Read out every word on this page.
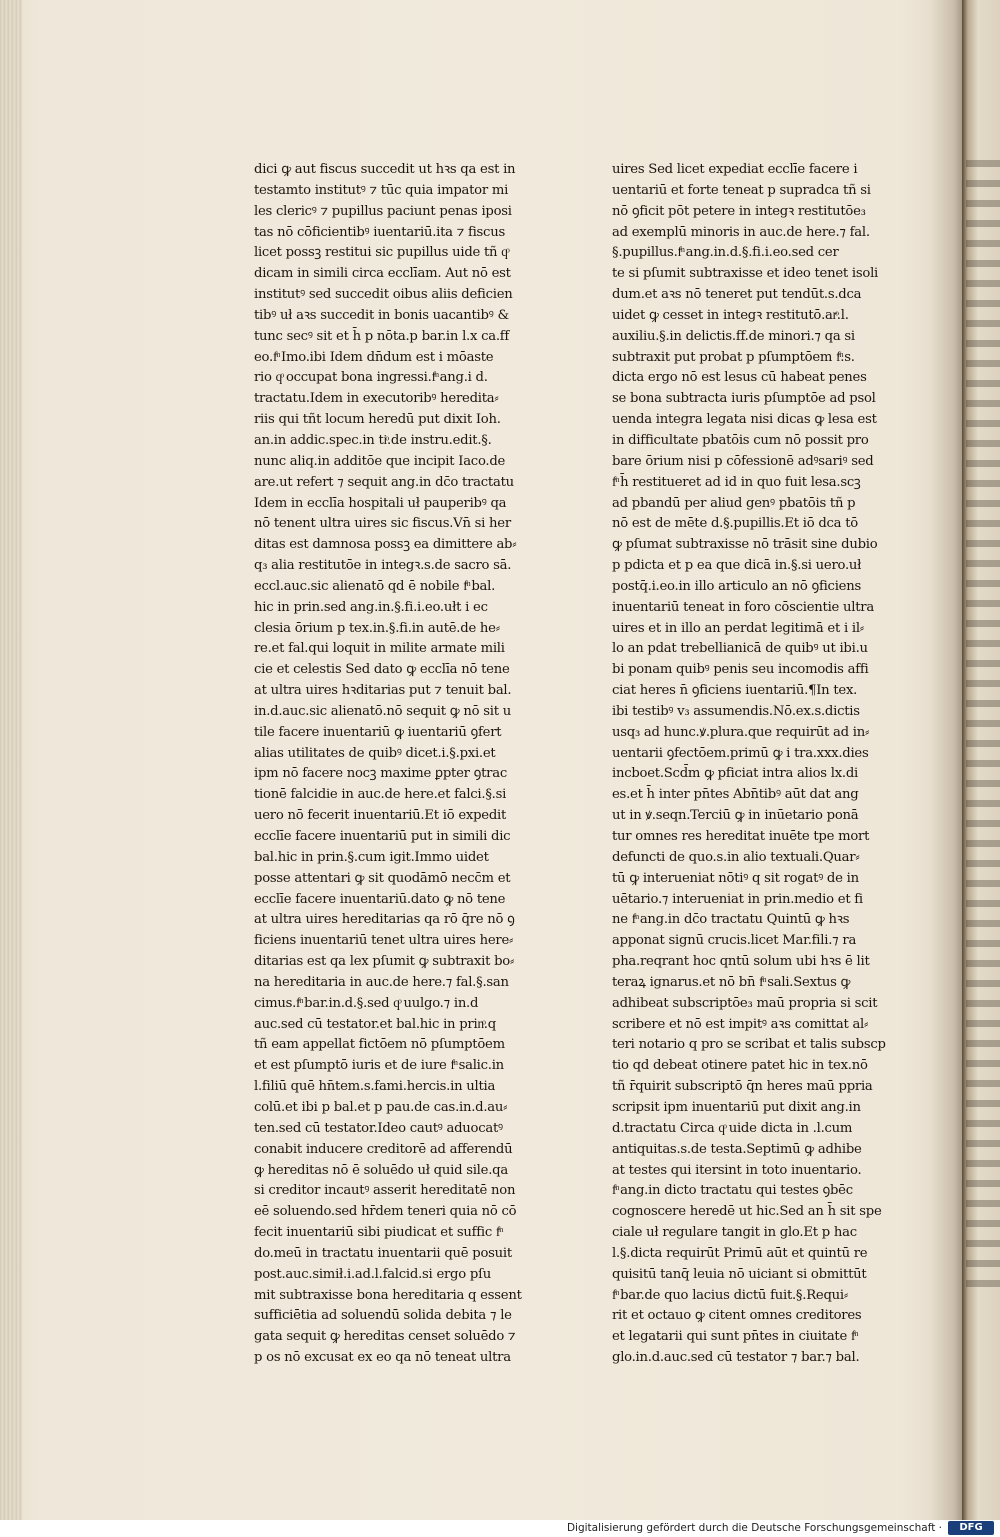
dici ꝙ aut fiscus succedit ut hꝛs qa est in
testamto institutꝰ ⁊ tūc quia impator mi
les clericꝰ ⁊ pupillus paciunt penas iposi
tas nō cōficientibꝰ iuentariū.ita ⁊ fiscus
licet possꝫ restitui sic pupillus uide tñ qͦ
dicam in simili circa ecclīam. Aut nō est
institutꝰ sed succedit oibus aliis deficien
tibꝰ uł aꝛs succedit in bonis uacantibꝰ &
tunc secꝰ sit et h̄ p nōta.p bar.in l.x ca.ff
eo.fͫ Imo.ibi Idem dn̄dum est i mōaste
rio qͦ occupat bona ingressi.fͫ ang.i d.
tractatu.Idem in executoribꝰ heredita⸗
riis qui tñt locum heredū put dixit Ioh.
an.in addic.spec.in tiͦ.de instru.edit.§.
nunc aliq.in additōe que incipit Iaco.de
are.ut refert ⁊ sequit ang.in dc̄o tractatu
Idem in ecclīa hospitali uł pauperibꝰ qa
nō tenent ultra uires sic fiscus.Vn̄ si her
ditas est damnosa possꝫ ea dimittere ab⸗
q₃ alia restitutōe in integꝛ.s.de sacro sā.
eccl.auc.sic alienatō qd ē nobile fͫ bal.
hic in prin.sed ang.in.§.fi.i.eo.ułt i ec
clesia ōrium p tex.in.§.fi.in autē.de he⸗
re.et fal.qui loquit in milite armate mili
cie et celestis Sed dato ꝙ ecclīa nō tene
at ultra uires hꝛditarias put ⁊ tenuit bal.
in.d.auc.sic alienatō.nō sequit ꝙ nō sit u
tile facere inuentariū ꝙ iuentariū ꝯfert
alias utilitates de quibꝰ dicet.i.§.pxi.et
ipm nō facere nocꝫ maxime ꝑpter ꝯtrac
tionē falcidie in auc.de here.et falci.§.si
uero nō fecerit inuentariū.Et iō expedit
ecclīe facere inuentariū put in simili dic
bal.hic in prin.§.cum igit.Immo uidet
posse attentari ꝙ sit quodāmō necc̄m et
ecclīe facere inuentariū.dato ꝙ nō tene
at ultra uires hereditarias qa rō q̄re nō ꝯ
ficiens inuentariū tenet ultra uires here⸗
ditarias est qa lex pſumit ꝙ subtraxit bo⸗
na hereditaria in auc.de here.⁊ fal.§.san
cimus.fͫ bar.in.d.§.sed qͦ uulgo.⁊ in.d
auc.sed cū testator.et bal.hic in prinͦ.q
tñ eam appellat fictōem nō pſumptōem
et est pſumptō iuris et de iure fͫ salic.in
l.filiū quē hn̄tem.s.fami.hercis.in ultia
colū.et ibi p bal.et p pau.de cas.in.d.au⸗
ten.sed cū testator.Ideo cautꝰ aduocatꝰ
conabit inducere creditorē ad afferendū
ꝙ hereditas nō ē soluēdo uł quid sile.qa
si creditor incautꝰ asserit hereditatē non
eē soluendo.sed hr̄dem teneri quia nō cō
fecit inuentariū sibi piudicat et suffic fͫ
do.meū in tractatu inuentarii quē posuit
post.auc.simił.i.ad.l.falcid.si ergo pſu
mit subtraxisse bona hereditaria q essent
sufficiētia ad soluendū solida debita ⁊ le
gata sequit ꝙ hereditas censet soluēdo ⁊
p os nō excusat ex eo qa nō teneat ultra
uires Sed licet expediat ecclīe facere i
uentariū et forte teneat p supradca tñ si
nō ꝯficit pōt petere in integꝛ restitutōe₃
ad exemplū minoris in auc.de here.⁊ fal.
§.pupillus.fͫ ang.in.d.§.fi.i.eo.sed cer
te si pſumit subtraxisse et ideo tenet isoli
dum.et aꝛs nō teneret put tendūt.s.dca
uidet ꝙ cesset in integꝛ restitutō.arͦ.l.
auxiliu.§.in delictis.ff.de minori.⁊ qa si
subtraxit put probat p pſumptōem fͫ.s.
dicta ergo nō est lesus cū habeat penes
se bona subtracta iuris pſumptōe ad psol
uenda integra legata nisi dicas ꝙ lesa est
in difficultate pbatōis cum nō possit pro
bare ōrium nisi p cōfessionē adꝰsariꝰ sed
fͫ h̄ restitueret ad id in quo fuit lesa.scꝫ
ad pbandū per aliud genꝰ pbatōis tñ p
nō est de mēte d.§.pupillis.Et iō dca tō
ꝙ pſumat subtraxisse nō trāsit sine dubio
p pdicta et p ea que dicā in.§.si uero.uł
postq̄.i.eo.in illo articulo an nō ꝯficiens
inuentariū teneat in foro cōscientie ultra
uires et in illo an perdat legitimā et i il⸗
lo an pdat trebellianicā de quibꝰ ut ibi.u
bi ponam quibꝰ penis seu incomodis affi
ciat heres n̄ ꝯficiens iuentariū.¶In tex.
ibi testibꝰ v₃ assumendis.Nō.ex.s.dictis
usq₃ ad hunc.ꝟ.plura.que requirūt ad in⸗
uentarii ꝯfectōem.primū ꝙ i tra.xxx.dies
incboet.Scd̄m ꝙ pficiat intra alios lx.di
es.et h̄ inter pn̄tes Abn̄tibꝰ aūt dat ang
ut in ꝟ.seqn.Terciū ꝙ in inūetario ponā
tur omnes res hereditat inuēte tpe mort
defuncti de quo.s.in alio textuali.Quar⸗
tū ꝙ interueniat nōtiꝰ q sit rogatꝰ de in
uētario.⁊ interueniat in prin.medio et fi
ne fͫ ang.in dc̄o tractatu Quintū ꝙ hꝛs
apponat signū crucis.licet Mar.fili.⁊ ra
pha.reqrant hoc qntū solum ubi hꝛs ē lit
teraꝝ ignarus.et nō bn̄ fͫ sali.Sextus ꝙ
adhibeat subscriptōe₃ maū propria si scit
scribere et nō est impitꝰ aꝛs comittat al⸗
teri notario q pro se scribat et talis subscp
tio qd debeat otinere patet hic in tex.nō
tñ r̄quirit subscriptō q̄n heres maū ppria
scripsit ipm inuentariū put dixit ang.in
d.tractatu Circa qͦ uide dicta in .l.cum
antiquitas.s.de testa.Septimū ꝙ adhibe
at testes qui itersint in toto inuentario.
fͫ ang.in dicto tractatu qui testes ꝯbēc
cognoscere heredē ut hic.Sed an h̄ sit spe
ciale uł regulare tangit in glo.Et p hac
l.§.dicta requirūt Primū aūt et quintū re
quisitū tanq̄ leuia nō uiciant si obmittūt
fͫ bar.de quo lacius dictū fuit.§.Requi⸗
rit et octauo ꝙ citent omnes creditores
et legatarii qui sunt pn̄tes in ciuitate fͫ
glo.in.d.auc.sed cū testator ⁊ bar.⁊ bal.
Digitalisierung gefördert durch die Deutsche Forschungsgemeinschaft ·	DFG
